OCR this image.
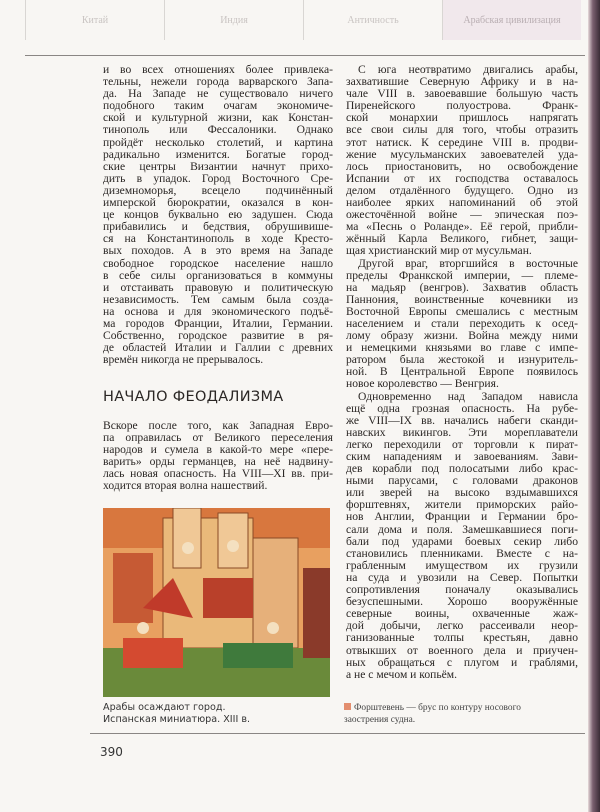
Китай	Индия	Античность	Арабская цивилизация
и во всех отношениях более привлека-
тельны, нежели города варварского Запа-
да. На Западе не существовало ничего
подобного таким очагам экономиче-
ской и культурной жизни, как Констан-
тинополь или Фессалоники. Однако
пройдёт несколько столетий, и картина
радикально изменится. Богатые город-
ские центры Византии начнут прихо-
дить в упадок. Город Восточного Сре-
диземноморья, всецело подчинённый
имперской бюрократии, оказался в кон-
це концов буквально ею задушен. Сюда
прибавились и бедствия, обрушивише-
ся на Константинополь в ходе Кресто-
вых походов. А в это время на Западе
свободное городское население нашло
в себе силы организоваться в коммуны
и отстаивать правовую и политическую
независимость. Тем самым была созда-
на основа и для экономического подъё-
ма городов Франции, Италии, Германии.
Собственно, городское развитие в ря-
де областей Италии и Галлии с древних
времён никогда не прерывалось.
НАЧАЛО ФЕОДАЛИЗМА
Вскоре после того, как Западная Евро-
па оправилась от Великого переселения
народов и сумела в какой-то мере «пере-
варить» орды германцев, на неё надвину-
лась новая опасность. На VIII—XI вв. при-
ходится вторая волна нашествий.
Арабы осаждают город.
Испанская миниатюра. XIII в.
С юга неотвратимо двигались арабы,
захватившие Северную Африку и в на-
чале VIII в. завоевавшие большую часть
Пиренейского полуострова. Франк-
ской монархии пришлось напрягать
все свои силы для того, чтобы отразить
этот натиск. К середине VIII в. продви-
жение мусульманских завоевателей уда-
лось приостановить, но освобождение
Испании от их господства оставалось
делом отдалённого будущего. Одно из
наиболее ярких напоминаний об этой
ожесточённой войне — эпическая поэ-
ма «Песнь о Роланде». Её герой, прибли-
жённый Карла Великого, гибнет, защи-
щая христианский мир от мусульман.
Другой враг, вторгшийся в восточные
пределы Франкской империи, — племе-
на мадьяр (венгров). Захватив область
Паннония, воинственные кочевники из
Восточной Европы смешались с местным
населением и стали переходить к осед-
лому образу жизни. Война между ними
и немецкими князьями во главе с импе-
ратором была жестокой и изнуритель-
ной. В Центральной Европе появилось
новое королевство — Венгрия.
Одновременно над Западом нависла
ещё одна грозная опасность. На рубе-
же VIII—IX вв. начались набеги сканди-
навских викингов. Эти мореплаватели
легко переходили от торговли к пират-
ским нападениям и завоеваниям. Зави-
дев корабли под полосатыми либо крас-
ными парусами, с головами драконов
или зверей на высоко вздымавшихся
форштевнях, жители приморских райо-
нов Англии, Франции и Германии бро-
сали дома и поля. Замешкавшиеся поги-
бали под ударами боевых секир либо
становились пленниками. Вместе с на-
грабленным имуществом их грузили
на суда и увозили на Север. Попытки
сопротивления поначалу оказывались
безуспешными. Хорошо вооружённые
северные воины, охваченные жаж-
дой добычи, легко рассеивали неор-
ганизованные толпы крестьян, давно
отвыкших от военного дела и приучен-
ных обращаться с плугом и граблями,
а не с мечом и копьём.
Форштевень — брус по контуру носового
заострения судна.
390
